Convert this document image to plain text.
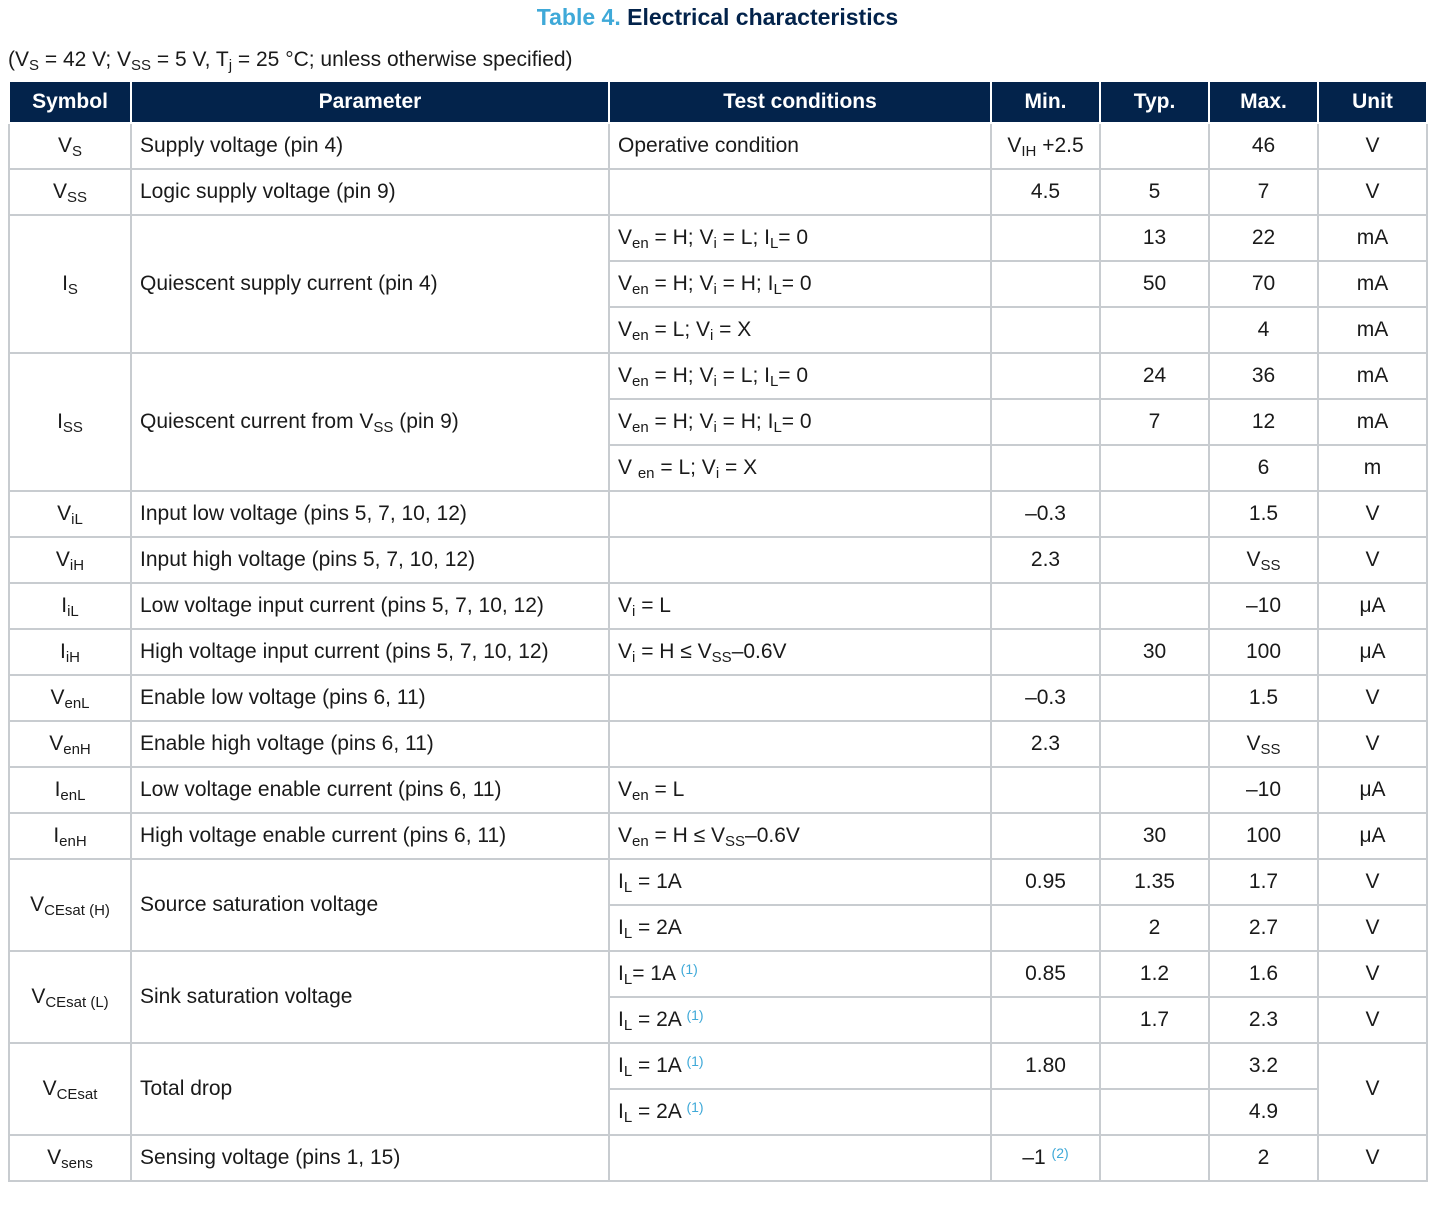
Table 4. Electrical characteristics
($V_S = 42$ V; $V_{SS} = 5$ V, $T_j = 25$ °C; unless otherwise specified)
Symbol	Parameter	Test conditions	Min.	Typ.	Max.	Unit
$V_S$	Supply voltage (pin 4)	Operative condition	$V_{IH} +2.5$		46	V
$V_{SS}$	Logic supply voltage (pin 9)		4.5	5	7	V
$I_S$	Quiescent supply current (pin 4)	$V_{en} = H$; $V_i = L$; $I_L= 0$		13	22	mA
		$V_{en} = H$; $V_i = H$; $I_L= 0$		50	70	mA
		$V_{en} = L$; $V_i = X$			4	mA
$I_{SS}$	Quiescent current from $V_{SS}$ (pin 9)	$V_{en} = H$; $V_i = L$; $I_L= 0$		24	36	mA
		$V_{en} = H$; $V_i = H$; $I_L= 0$		7	12	mA
		V $_{en}$ = L; $V_i = X$			6	m
$V_{iL}$	Input low voltage (pins 5, 7, 10, 12)		–0.3		1.5	V
$V_{iH}$	Input high voltage (pins 5, 7, 10, 12)		2.3		$V_{SS}$	V
$I_{iL}$	Low voltage input current (pins 5, 7, 10, 12)	$V_i = L$			–10	μA
$I_{iH}$	High voltage input current (pins 5, 7, 10, 12)	$V_i = H \le V_{SS}-0.6V$		30	100	μA
$V_{enL}$	Enable low voltage (pins 6, 11)		–0.3		1.5	V
$V_{enH}$	Enable high voltage (pins 6, 11)		2.3		$V_{SS}$	V
$I_{enL}$	Low voltage enable current (pins 6, 11)	$V_{en} = L$			–10	μA
$I_{enH}$	High voltage enable current (pins 6, 11)	$V_{en} = H \le V_{SS}-0.6V$		30	100	μA
$V_{CEsat (H)}$	Source saturation voltage	$I_L = 1A$	0.95	1.35	1.7	V
		$I_L = 2A$		2	2.7	V
$V_{CEsat (L)}$	Sink saturation voltage	$I_L= 1A$ $^{(1)}$	0.85	1.2	1.6	V
		$I_L = 2A$ $^{(1)}$		1.7	2.3	V
$V_{CEsat}$	Total drop	$I_L = 1A$ $^{(1)}$	1.80		3.2	V
		$I_L = 2A$ $^{(1)}$			4.9	
$V_{sens}$	Sensing voltage (pins 1, 15)		–1 $^{(2)}$		2	V
